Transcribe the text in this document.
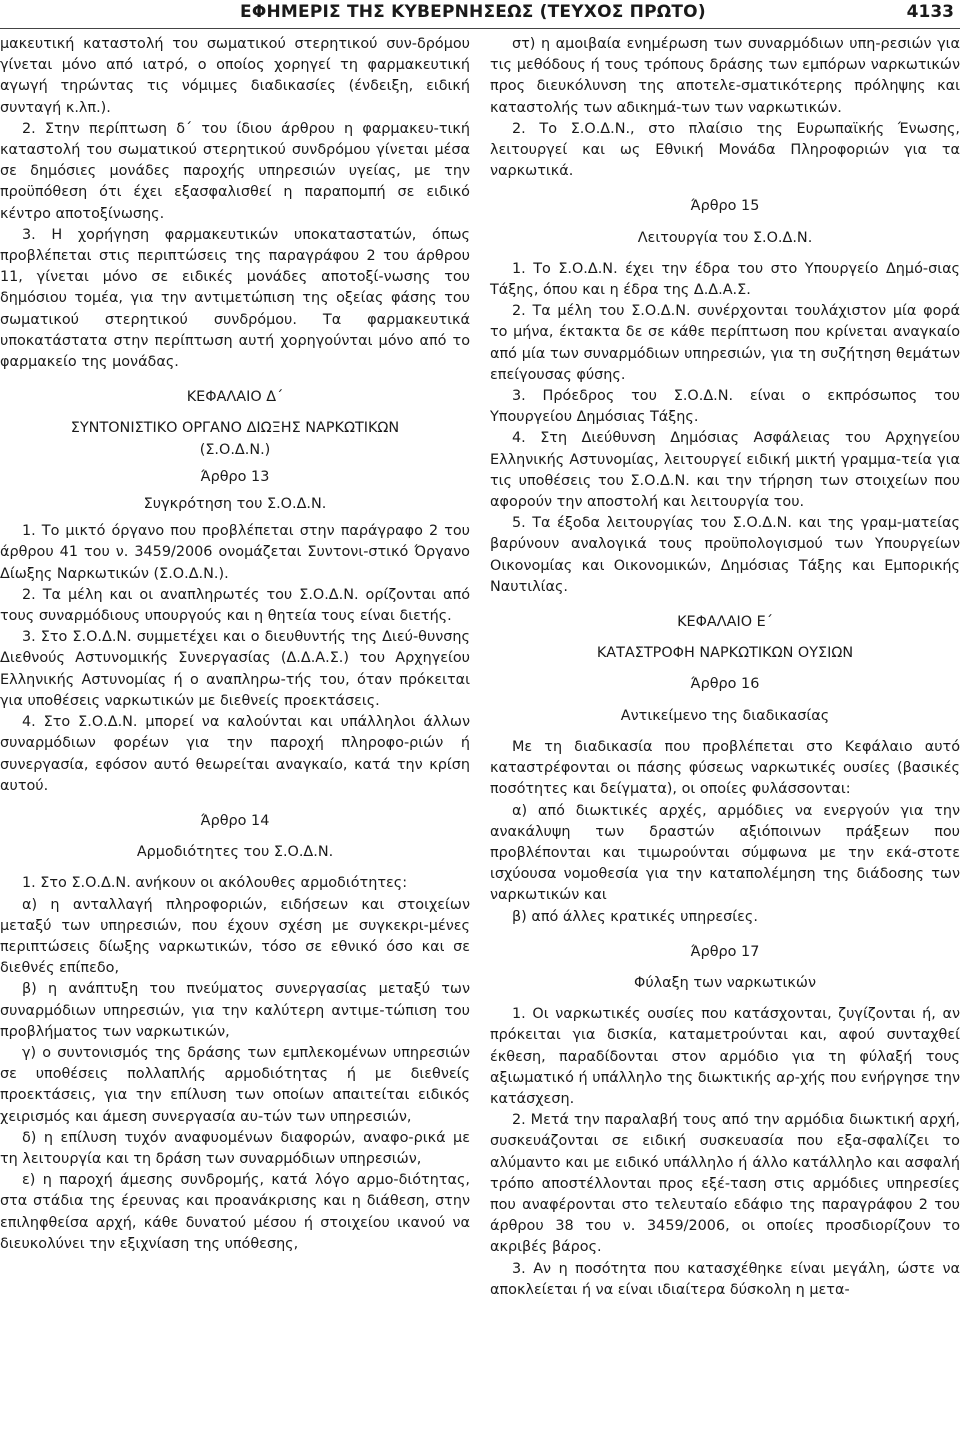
ΕΦΗΜΕΡΙΣ ΤΗΣ ΚΥΒΕΡΝΗΣΕΩΣ (ΤΕΥΧΟΣ ΠΡΩΤΟ)	4133

μακευτική καταστολή του σωματικού στερητικού συν-δρόμου γίνεται μόνο από ιατρό, ο οποίος χορηγεί τη φαρμακευτική αγωγή τηρώντας τις νόμιμες διαδικασίες (ένδειξη, ειδική συνταγή κ.λπ.).

2. Στην περίπτωση δ΄ του ίδιου άρθρου η φαρμακευ-τική καταστολή του σωματικού στερητικού συνδρόμου γίνεται μέσα σε δημόσιες μονάδες παροχής υπηρεσιών υγείας, με την προϋπόθεση ότι έχει εξασφαλισθεί η παραπομπή σε ειδικό κέντρο αποτοξίνωσης.

3. Η χορήγηση φαρμακευτικών υποκαταστατών, όπως προβλέπεται στις περιπτώσεις της παραγράφου 2 του άρθρου 11, γίνεται μόνο σε ειδικές μονάδες αποτοξί-νωσης του δημόσιου τομέα, για την αντιμετώπιση της οξείας φάσης του σωματικού στερητικού συνδρόμου. Τα φαρμακευτικά υποκατάστατα στην περίπτωση αυτή χορηγούνται μόνο από το φαρμακείο της μονάδας.

ΚΕΦΑΛΑΙΟ Δ΄

ΣΥΝΤΟΝΙΣΤΙΚΟ ΟΡΓΑΝΟ ΔΙΩΞΗΣ ΝΑΡΚΩΤΙΚΩΝ

(Σ.Ο.Δ.Ν.)

Άρθρο 13

Συγκρότηση του Σ.Ο.Δ.Ν.

1. Το μικτό όργανο που προβλέπεται στην παράγραφο 2 του άρθρου 41 του ν. 3459/2006 ονομάζεται Συντονι-στικό Όργανο Δίωξης Ναρκωτικών (Σ.Ο.Δ.Ν.).

2. Τα μέλη και οι αναπληρωτές του Σ.Ο.Δ.Ν. ορίζονται από τους συναρμόδιους υπουργούς και η θητεία τους είναι διετής.

3. Στο Σ.Ο.Δ.Ν. συμμετέχει και ο διευθυντής της Διεύ-θυνσης Διεθνούς Αστυνομικής Συνεργασίας (Δ.Δ.Α.Σ.) του Αρχηγείου Ελληνικής Αστυνομίας ή ο αναπληρω-τής του, όταν πρόκειται για υποθέσεις ναρκωτικών με διεθνείς προεκτάσεις.

4. Στο Σ.Ο.Δ.Ν. μπορεί να καλούνται και υπάλληλοι άλλων συναρμόδιων φορέων για την παροχή πληροφο-ριών ή συνεργασία, εφόσον αυτό θεωρείται αναγκαίο, κατά την κρίση αυτού.

Άρθρο 14

Αρμοδιότητες του Σ.Ο.Δ.Ν.

1. Στο Σ.Ο.Δ.Ν. ανήκουν οι ακόλουθες αρμοδιότητες:

α) η ανταλλαγή πληροφοριών, ειδήσεων και στοιχείων μεταξύ των υπηρεσιών, που έχουν σχέση με συγκεκρι-μένες περιπτώσεις δίωξης ναρκωτικών, τόσο σε εθνικό όσο και σε διεθνές επίπεδο,

β) η ανάπτυξη του πνεύματος συνεργασίας μεταξύ των συναρμόδιων υπηρεσιών, για την καλύτερη αντιμε-τώπιση του προβλήματος των ναρκωτικών,

γ) ο συντονισμός της δράσης των εμπλεκομένων υπηρεσιών σε υποθέσεις πολλαπλής αρμοδιότητας ή με διεθνείς προεκτάσεις, για την επίλυση των οποίων απαιτείται ειδικός χειρισμός και άμεση συνεργασία αυ-τών των υπηρεσιών,

δ) η επίλυση τυχόν αναφυομένων διαφορών, αναφο-ρικά με τη λειτουργία και τη δράση των συναρμόδιων υπηρεσιών,

ε) η παροχή άμεσης συνδρομής, κατά λόγο αρμο-διότητας, στα στάδια της έρευνας και προανάκρισης και η διάθεση, στην επιληφθείσα αρχή, κάθε δυνατού μέσου ή στοιχείου ικανού να διευκολύνει την εξιχνίαση της υπόθεσης,

στ) η αμοιβαία ενημέρωση των συναρμόδιων υπη-ρεσιών για τις μεθόδους ή τους τρόπους δράσης των εμπόρων ναρκωτικών προς διευκόλυνση της αποτελε-σματικότερης πρόληψης και καταστολής των αδικημά-των των ναρκωτικών.

2. Το Σ.Ο.Δ.Ν., στο πλαίσιο της Ευρωπαϊκής Ένωσης, λειτουργεί και ως Εθνική Μονάδα Πληροφοριών για τα ναρκωτικά.

Άρθρο 15

Λειτουργία του Σ.Ο.Δ.Ν.

1. Το Σ.Ο.Δ.Ν. έχει την έδρα του στο Υπουργείο Δημό-σιας Τάξης, όπου και η έδρα της Δ.Δ.Α.Σ.

2. Τα μέλη του Σ.Ο.Δ.Ν. συνέρχονται τουλάχιστον μία φορά το μήνα, έκτακτα δε σε κάθε περίπτωση που κρίνεται αναγκαίο από μία των συναρμόδιων υπηρεσιών, για τη συζήτηση θεμάτων επείγουσας φύσης.

3. Πρόεδρος του Σ.Ο.Δ.Ν. είναι ο εκπρόσωπος του Υπουργείου Δημόσιας Τάξης.

4. Στη Διεύθυνση Δημόσιας Ασφάλειας του Αρχηγείου Ελληνικής Αστυνομίας, λειτουργεί ειδική μικτή γραμμα-τεία για τις υποθέσεις του Σ.Ο.Δ.Ν. και την τήρηση των στοιχείων που αφορούν την αποστολή και λειτουργία του.

5. Τα έξοδα λειτουργίας του Σ.Ο.Δ.Ν. και της γραμ-ματείας βαρύνουν αναλογικά τους προϋπολογισμού των Υπουργείων Οικονομίας και Οικονομικών, Δημόσιας Τάξης και Εμπορικής Ναυτιλίας.

ΚΕΦΑΛΑΙΟ Ε΄

ΚΑΤΑΣΤΡΟΦΗ ΝΑΡΚΩΤΙΚΩΝ ΟΥΣΙΩΝ

Άρθρο 16

Αντικείμενο της διαδικασίας

Με τη διαδικασία που προβλέπεται στο Κεφάλαιο αυτό καταστρέφονται οι πάσης φύσεως ναρκωτικές ουσίες (βασικές ποσότητες και δείγματα), οι οποίες φυλάσσονται:

α) από διωκτικές αρχές, αρμόδιες να ενεργούν για την ανακάλυψη των δραστών αξιόποινων πράξεων που προβλέπονται και τιμωρούνται σύμφωνα με την εκά-στοτε ισχύουσα νομοθεσία για την καταπολέμηση της διάδοσης των ναρκωτικών και

β) από άλλες κρατικές υπηρεσίες.

Άρθρο 17

Φύλαξη των ναρκωτικών

1. Οι ναρκωτικές ουσίες που κατάσχονται, ζυγίζονται ή, αν πρόκειται για δισκία, καταμετρούνται και, αφού συνταχθεί έκθεση, παραδίδονται στον αρμόδιο για τη φύλαξή τους αξιωματικό ή υπάλληλο της διωκτικής αρ-χής που ενήργησε την κατάσχεση.

2. Μετά την παραλαβή τους από την αρμόδια διωκτική αρχή, συσκευάζονται σε ειδική συσκευασία που εξα-σφαλίζει το αλύμαντο και με ειδικό υπάλληλο ή άλλο κατάλληλο και ασφαλή τρόπο αποστέλλονται προς εξέ-ταση στις αρμόδιες υπηρεσίες που αναφέρονται στο τελευταίο εδάφιο της παραγράφου 2 του άρθρου 38 του ν. 3459/2006, οι οποίες προσδιορίζουν το ακριβές βάρος.

3. Αν η ποσότητα που κατασχέθηκε είναι μεγάλη, ώστε να αποκλείεται ή να είναι ιδιαίτερα δύσκολη η μετα-
